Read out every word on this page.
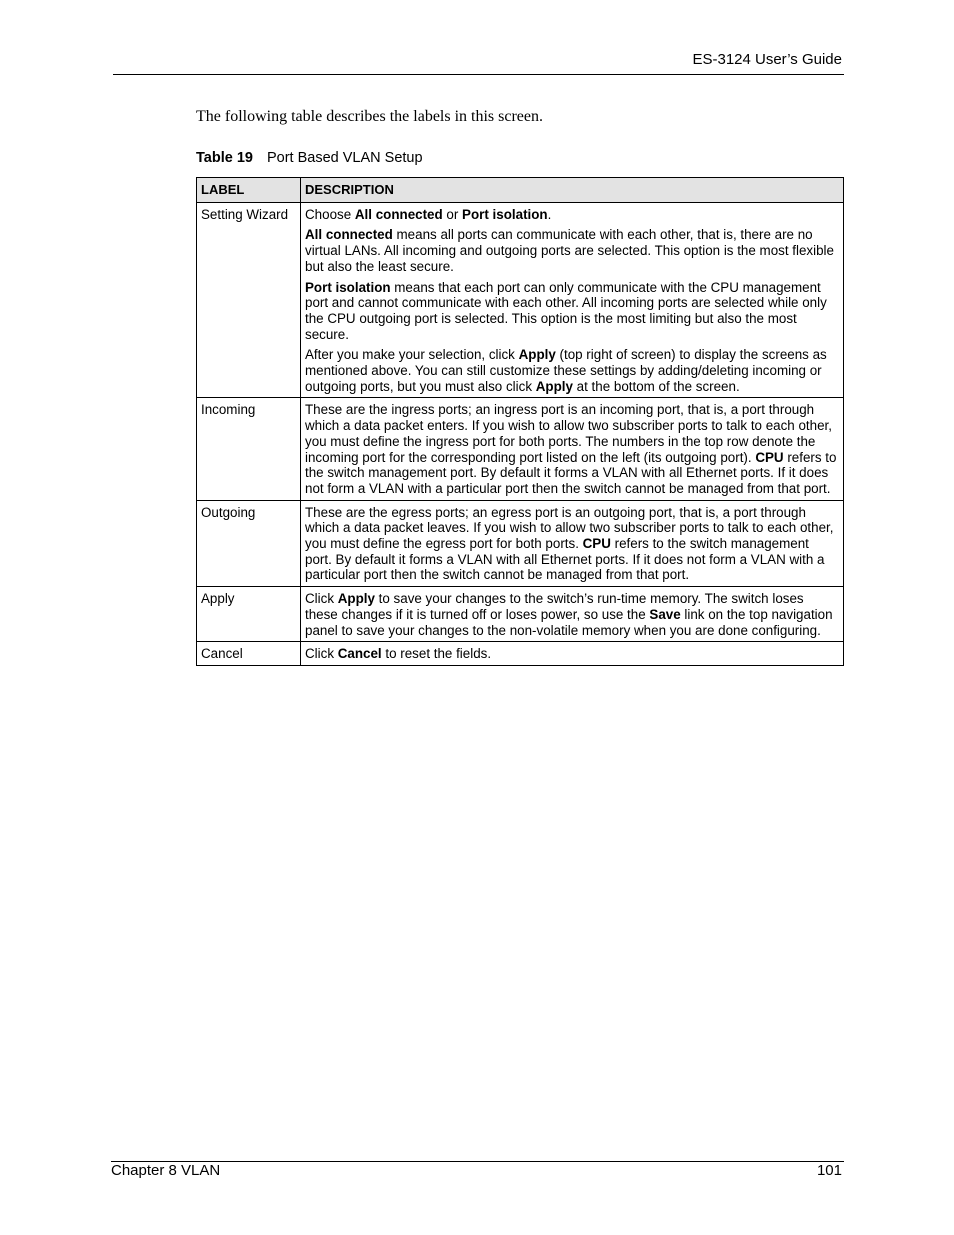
ES-3124 User’s Guide
The following table describes the labels in this screen.
Table 19 Port Based VLAN Setup
LABEL	DESCRIPTION
Setting Wizard	Choose All connected or Port isolation.

All connected means all ports can communicate with each other, that is, there are no virtual LANs. All incoming and outgoing ports are selected. This option is the most flexible but also the least secure.

Port isolation means that each port can only communicate with the CPU management port and cannot communicate with each other. All incoming ports are selected while only the CPU outgoing port is selected. This option is the most limiting but also the most secure.

After you make your selection, click Apply (top right of screen) to display the screens as mentioned above. You can still customize these settings by adding/deleting incoming or outgoing ports, but you must also click Apply at the bottom of the screen.

Incoming	These are the ingress ports; an ingress port is an incoming port, that is, a port through which a data packet enters. If you wish to allow two subscriber ports to talk to each other, you must define the ingress port for both ports. The numbers in the top row denote the incoming port for the corresponding port listed on the left (its outgoing port). CPU refers to the switch management port. By default it forms a VLAN with all Ethernet ports. If it does not form a VLAN with a particular port then the switch cannot be managed from that port.

Outgoing	These are the egress ports; an egress port is an outgoing port, that is, a port through which a data packet leaves. If you wish to allow two subscriber ports to talk to each other, you must define the egress port for both ports. CPU refers to the switch management port. By default it forms a VLAN with all Ethernet ports. If it does not form a VLAN with a particular port then the switch cannot be managed from that port.

Apply	Click Apply to save your changes to the switch’s run-time memory. The switch loses these changes if it is turned off or loses power, so use the Save link on the top navigation panel to save your changes to the non-volatile memory when you are done configuring.

Cancel	Click Cancel to reset the fields.

Chapter 8 VLAN	101
